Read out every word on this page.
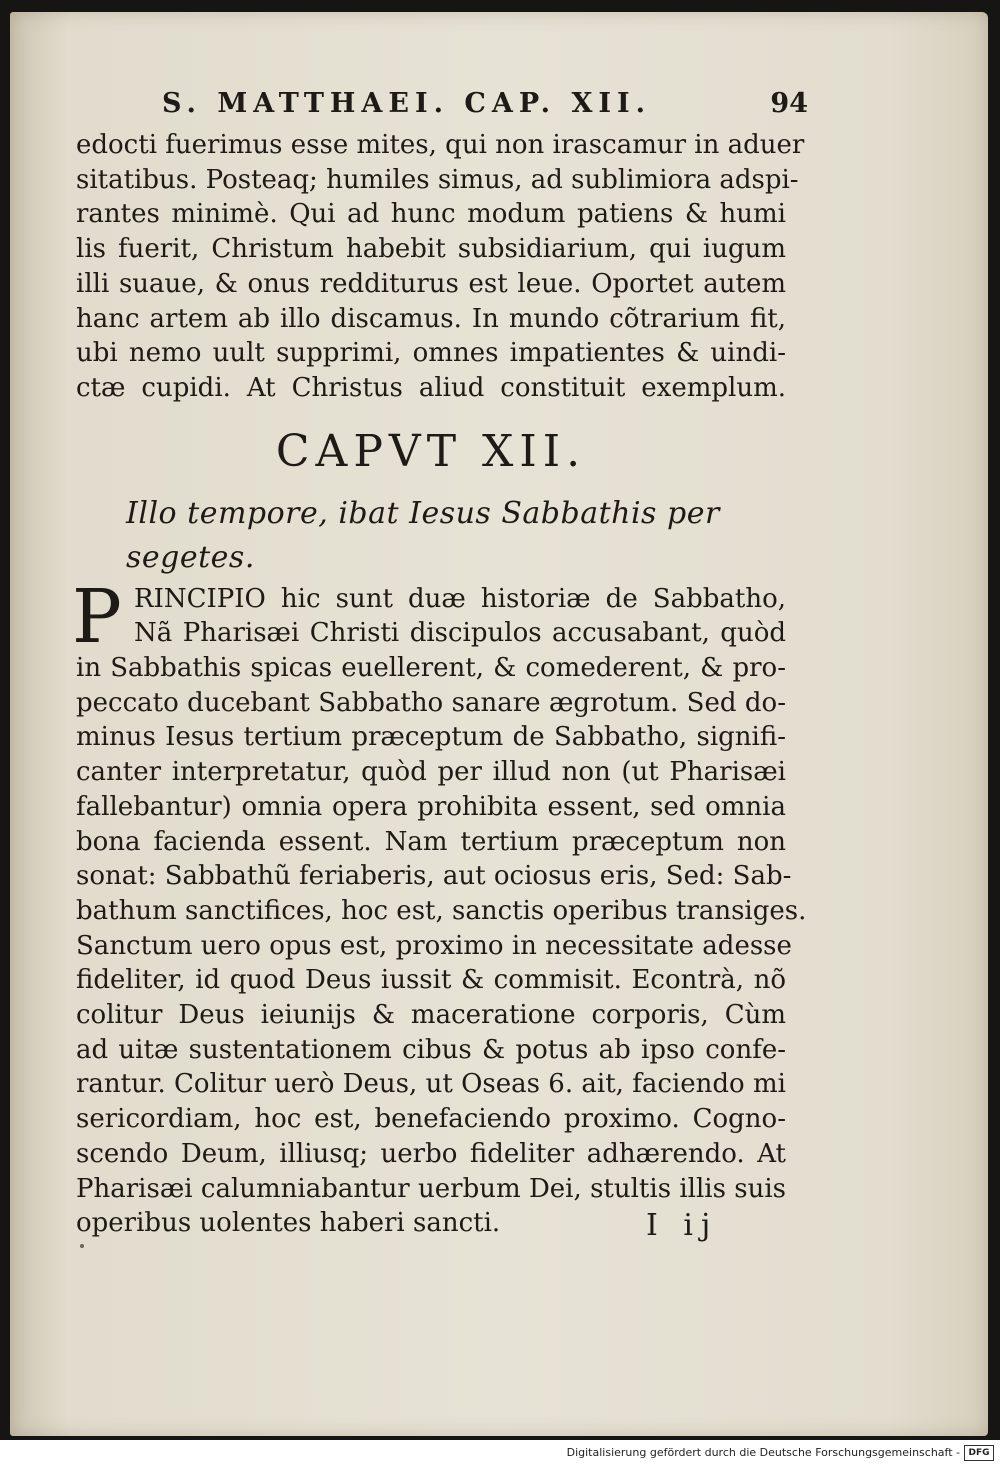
S. MATTHAEI. CAP. XII.	94
edocti fuerimus esse mites, qui non irascamur in aduer
sitatibus. Posteaq; humiles simus, ad sublimiora adspi-
rantes minimè. Qui ad hunc modum patiens & humi
lis fuerit, Christum habebit subsidiarium, qui iugum
illi suaue, & onus redditurus est leue. Oportet autem
hanc artem ab illo discamus. In mundo cõtrarium fit,
ubi nemo uult supprimi, omnes impatientes & uindi-
ctæ cupidi. At Christus aliud constituit exemplum.
CAPVT XII.
Illo tempore, ibat Iesus Sabbathis per segetes.
P RINCIPIO hic sunt duæ historiæ de Sabbatho,
Nã Pharisæi Christi discipulos accusabant, quòd
in Sabbathis spicas euellerent, & comederent, & pro-
peccato ducebant Sabbatho sanare ægrotum. Sed do-
minus Iesus tertium præceptum de Sabbatho, signifi-
canter interpretatur, quòd per illud non (ut Pharisæi
fallebantur) omnia opera prohibita essent, sed omnia
bona facienda essent. Nam tertium præceptum non
sonat: Sabbathũ feriaberis, aut ociosus eris, Sed: Sab-
bathum sanctifices, hoc est, sanctis operibus transiges.
Sanctum uero opus est, proximo in necessitate adesse
fideliter, id quod Deus iussit & commisit. Econtrà, nõ
colitur Deus ieiunijs & maceratione corporis, Cùm
ad uitæ sustentationem cibus & potus ab ipso confe-
rantur. Colitur uerò Deus, ut Oseas 6. ait, faciendo mi
sericordiam, hoc est, benefaciendo proximo. Cogno-
scendo Deum, illiusq; uerbo fideliter adhærendo. At
Pharisæi calumniabantur uerbum Dei, stultis illis suis
operibus uolentes haberi sancti.	I ij
Digitalisierung gefördert durch die Deutsche Forschungsgemeinschaft - DFG
